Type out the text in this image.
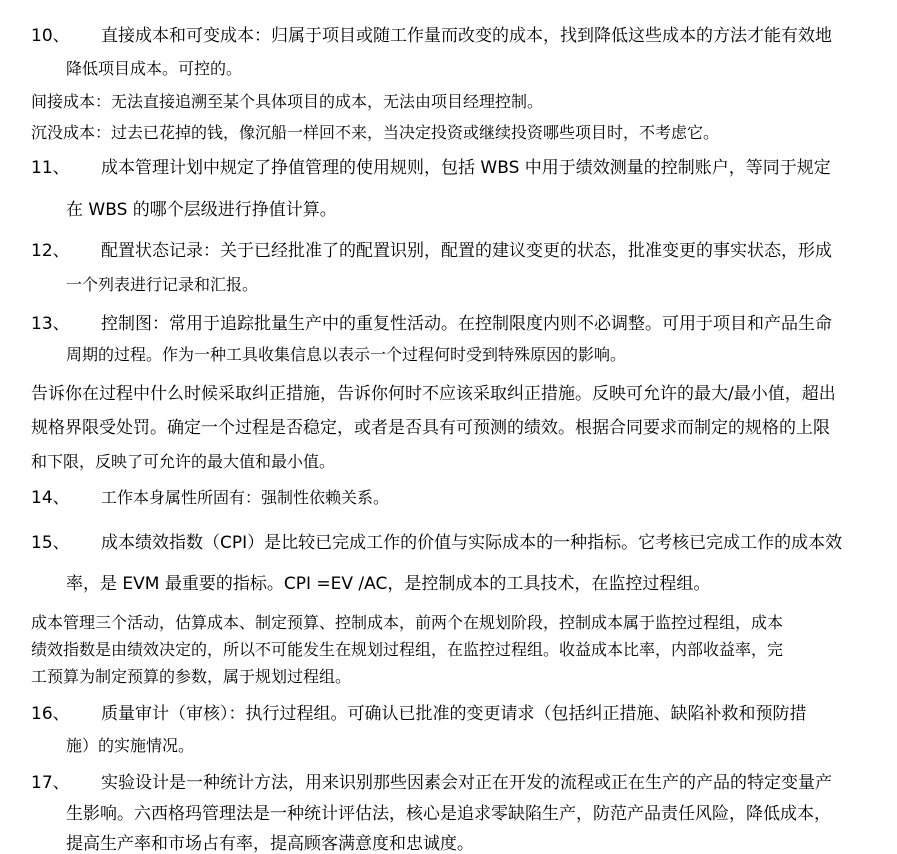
10、 直接成本和可变成本：归属于项目或随工作量而改变的成本，找到降低这些成本的方法才能有效地
降低项目成本。可控的。
间接成本：无法直接追溯至某个具体项目的成本，无法由项目经理控制。
沉没成本：过去已花掉的钱，像沉船一样回不来，当决定投资或继续投资哪些项目时，不考虑它。
11、 成本管理计划中规定了挣值管理的使用规则，包括 WBS 中用于绩效测量的控制账户，等同于规定
在 WBS 的哪个层级进行挣值计算。
12、 配置状态记录：关于已经批准了的配置识别，配置的建议变更的状态，批准变更的事实状态，形成
一个列表进行记录和汇报。
13、 控制图：常用于追踪批量生产中的重复性活动。在控制限度内则不必调整。可用于项目和产品生命
周期的过程。作为一种工具收集信息以表示一个过程何时受到特殊原因的影响。
告诉你在过程中什么时候采取纠正措施，告诉你何时不应该采取纠正措施。反映可允许的最大/最小值，超出
规格界限受处罚。确定一个过程是否稳定，或者是否具有可预测的绩效。根据合同要求而制定的规格的上限
和下限，反映了可允许的最大值和最小值。
14、 工作本身属性所固有：强制性依赖关系。
15、 成本绩效指数（CPI）是比较已完成工作的价值与实际成本的一种指标。它考核已完成工作的成本效
率，是 EVM 最重要的指标。CPI =EV /AC，是控制成本的工具技术，在监控过程组。
成本管理三个活动，估算成本、制定预算、控制成本，前两个在规划阶段，控制成本属于监控过程组，成本
绩效指数是由绩效决定的，所以不可能发生在规划过程组，在监控过程组。收益成本比率，内部收益率，完
工预算为制定预算的参数，属于规划过程组。
16、 质量审计（审核）：执行过程组。可确认已批准的变更请求（包括纠正措施、缺陷补救和预防措
施）的实施情况。
17、 实验设计是一种统计方法，用来识别那些因素会对正在开发的流程或正在生产的产品的特定变量产
生影响。六西格玛管理法是一种统计评估法，核心是追求零缺陷生产，防范产品责任风险，降低成本，
提高生产率和市场占有率，提高顾客满意度和忠诚度。
